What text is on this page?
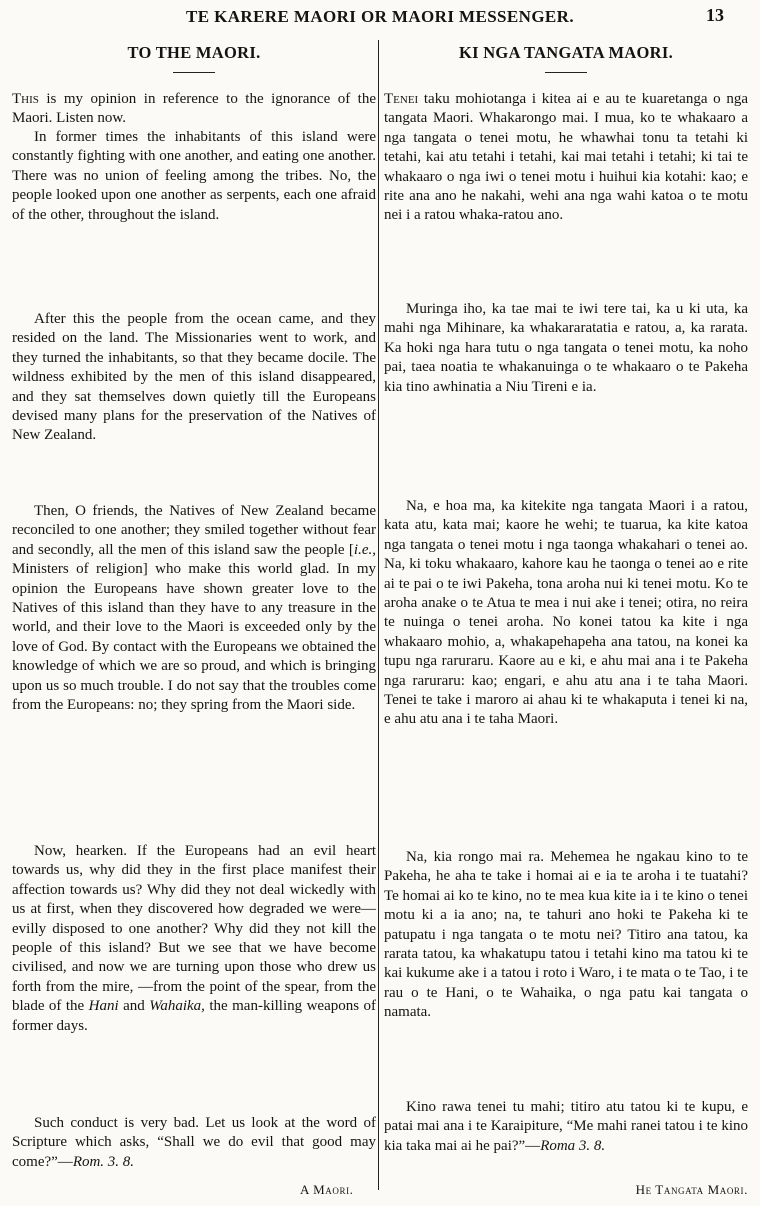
TE KARERE MAORI OR MAORI MESSENGER.	13
TO THE MAORI.

This is my opinion in reference to the ignorance of the Maori. Listen now.

In former times the inhabitants of this island were constantly fighting with one another, and eating one another. There was no union of feeling among the tribes. No, the people looked upon one another as serpents, each one afraid of the other, throughout the island.

After this the people from the ocean came, and they resided on the land. The Missionaries went to work, and they turned the inhabitants, so that they became docile. The wildness exhibited by the men of this island disappeared, and they sat themselves down quietly till the Europeans devised many plans for the preservation of the Natives of New Zealand.

Then, O friends, the Natives of New Zealand became reconciled to one another; they smiled together without fear and secondly, all the men of this island saw the people [i.e., Ministers of religion] who make this world glad. In my opinion the Europeans have shown greater love to the Natives of this island than they have to any treasure in the world, and their love to the Maori is exceeded only by the love of God. By contact with the Europeans we obtained the knowledge of which we are so proud, and which is bringing upon us so much trouble. I do not say that the troubles come from the Europeans: no; they spring from the Maori side.

Now, hearken. If the Europeans had an evil heart towards us, why did they in the first place manifest their affection towards us? Why did they not deal wickedly with us at first, when they discovered how degraded we were—evilly disposed to one another? Why did they not kill the people of this island? But we see that we have become civilised, and now we are turning upon those who drew us forth from the mire, —from the point of the spear, from the blade of the Hani and Wahaika, the man-killing weapons of former days.

Such conduct is very bad. Let us look at the word of Scripture which asks, “Shall we do evil that good may come?”—Rom. 3. 8.

A Maori.
KI NGA TANGATA MAORI.

Tenei taku mohiotanga i kitea ai e au te kuaretanga o nga tangata Maori. Whakarongo mai. I mua, ko te whakaaro a nga tangata o tenei motu, he whawhai tonu ta tetahi ki tetahi, kai atu tetahi i tetahi, kai mai tetahi i tetahi; ki tai te whakaaro o nga iwi o tenei motu i huihui kia kotahi: kao; e rite ana ano he nakahi, wehi ana nga wahi katoa o te motu nei i a ratou whaka-ratou ano.

Muringa iho, ka tae mai te iwi tere tai, ka u ki uta, ka mahi nga Mihinare, ka whakararatatia e ratou, a, ka rarata. Ka hoki nga hara tutu o nga tangata o tenei motu, ka noho pai, taea noatia te whakanuinga o te whakaaro o te Pakeha kia tino awhinatia a Niu Tireni e ia.

Na, e hoa ma, ka kitekite nga tangata Maori i a ratou, kata atu, kata mai; kaore he wehi; te tuarua, ka kite katoa nga tangata o tenei motu i nga taonga whakahari o tenei ao. Na, ki toku whakaaro, kahore kau he taonga o tenei ao e rite ai te pai o te iwi Pakeha, tona aroha nui ki tenei motu. Ko te aroha anake o te Atua te mea i nui ake i tenei; otira, no reira te nuinga o tenei aroha. No konei tatou ka kite i nga whakaaro mohio, a, whakapehapeha ana tatou, na konei ka tupu nga raruraru. Kaore au e ki, e ahu mai ana i te Pakeha nga raruraru: kao; engari, e ahu atu ana i te taha Maori. Tenei te take i maroro ai ahau ki te whakaputa i tenei ki na, e ahu atu ana i te taha Maori.

Na, kia rongo mai ra. Mehemea he ngakau kino to te Pakeha, he aha te take i homai ai e ia te aroha i te tuatahi? Te homai ai ko te kino, no te mea kua kite ia i te kino o tenei motu ki a ia ano; na, te tahuri ano hoki te Pakeha ki te patupatu i nga tangata o te motu nei? Titiro ana tatou, ka rarata tatou, ka whakatupu tatou i tetahi kino ma tatou ki te kai kukume ake i a tatou i roto i Waro, i te mata o te Tao, i te rau o te Hani, o te Wahaika, o nga patu kai tangata o namata.

Kino rawa tenei tu mahi; titiro atu tatou ki te kupu, e patai mai ana i te Karaipiture, “Me mahi ranei tatou i te kino kia taka mai ai he pai?”—Roma 3. 8.

He Tangata Maori.
